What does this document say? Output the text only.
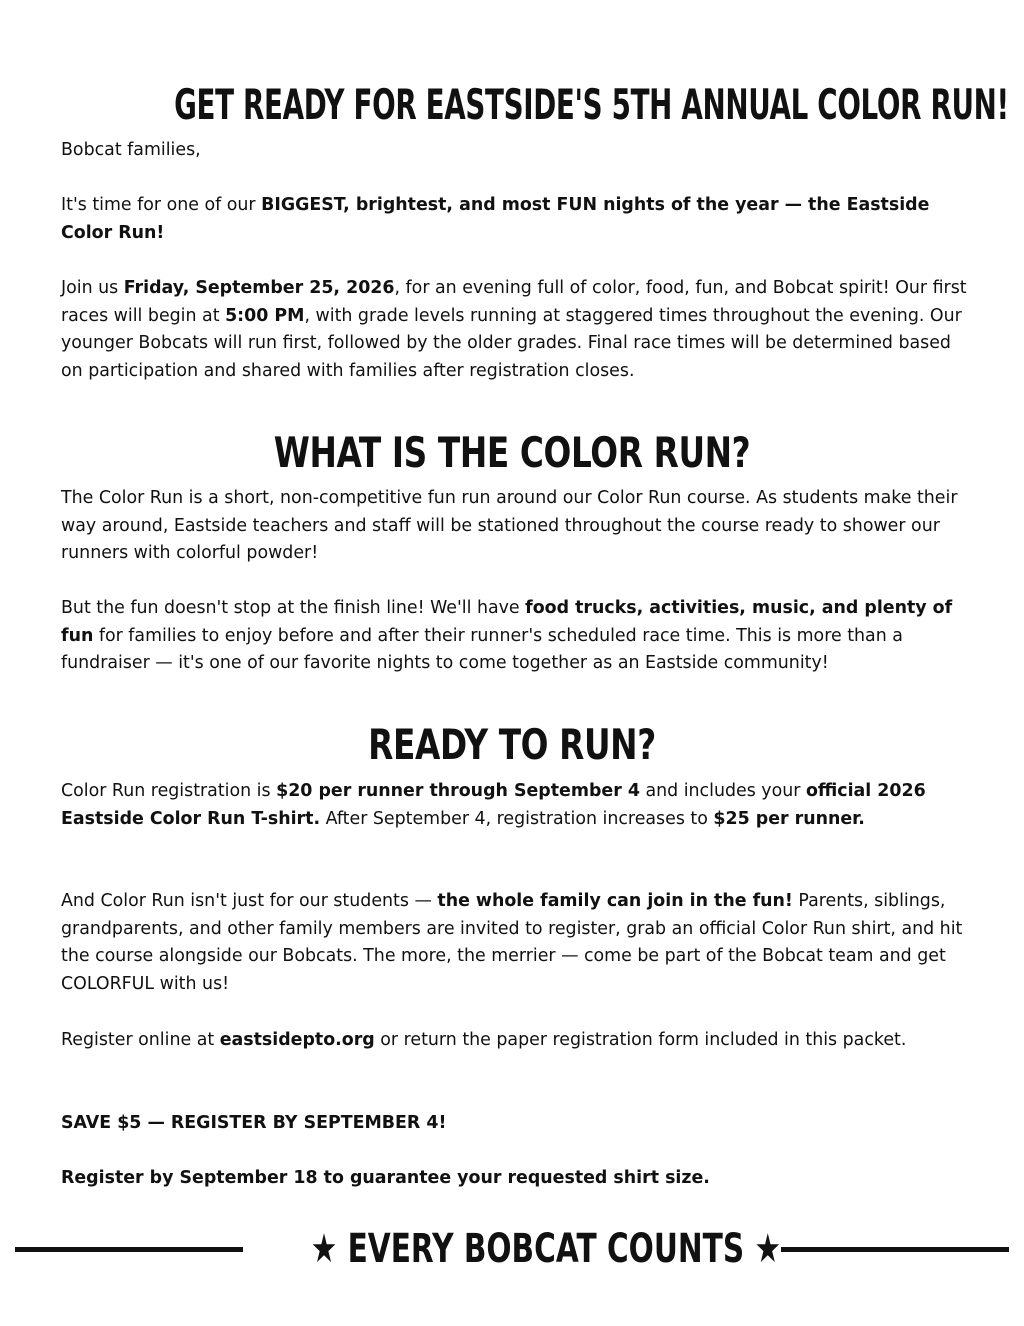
GET READY FOR EASTSIDE'S 5TH ANNUAL COLOR RUN!
Bobcat families,
It's time for one of our BIGGEST, brightest, and most FUN nights of the year — the Eastside Color Run!
Join us Friday, September 25, 2026, for an evening full of color, food, fun, and Bobcat spirit! Our first races will begin at 5:00 PM, with grade levels running at staggered times throughout the evening. Our younger Bobcats will run first, followed by the older grades. Final race times will be determined based on participation and shared with families after registration closes.
WHAT IS THE COLOR RUN?
The Color Run is a short, non-competitive fun run around our Color Run course. As students make their way around, Eastside teachers and staff will be stationed throughout the course ready to shower our runners with colorful powder!
But the fun doesn't stop at the finish line! We'll have food trucks, activities, music, and plenty of fun for families to enjoy before and after their runner's scheduled race time. This is more than a fundraiser — it's one of our favorite nights to come together as an Eastside community!
READY TO RUN?
Color Run registration is $20 per runner through September 4 and includes your official 2026 Eastside Color Run T-shirt. After September 4, registration increases to $25 per runner.
And Color Run isn't just for our students — the whole family can join in the fun! Parents, siblings, grandparents, and other family members are invited to register, grab an official Color Run shirt, and hit the course alongside our Bobcats. The more, the merrier — come be part of the Bobcat team and get COLORFUL with us!
Register online at eastsidepto.org or return the paper registration form included in this packet.
SAVE $5 — REGISTER BY SEPTEMBER 4!
Register by September 18 to guarantee your requested shirt size.
★ EVERY BOBCAT COUNTS ★
